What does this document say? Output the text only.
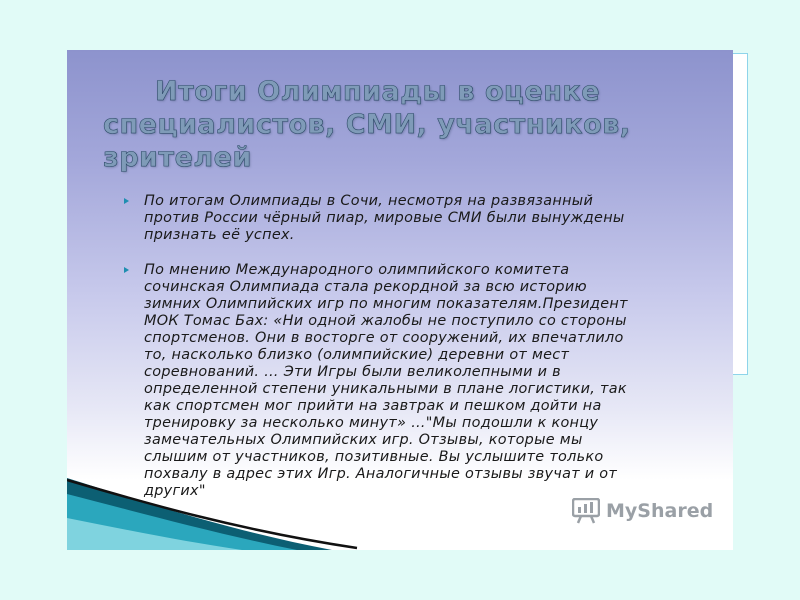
Итоги Олимпиады в оценке
специалистов, СМИ, участников,
зрителей
По итогам Олимпиады в Сочи, несмотря на развязанный
против России чёрный пиар, мировые СМИ были вынуждены
признать её успех.
По мнению Международного олимпийского комитета
сочинская Олимпиада стала рекордной за всю историю
зимних Олимпийских игр по многим показателям.Президент
МОК Томас Бах: «Ни одной жалобы не поступило со стороны
спортсменов. Они в восторге от сооружений, их впечатлило
то, насколько близко (олимпийские) деревни от мест
соревнований. … Эти Игры были великолепными и в
определенной степени уникальными в плане логистики, так
как спортсмен мог прийти на завтрак и пешком дойти на
тренировку за несколько минут» …"Мы подошли к концу
замечательных Олимпийских игр. Отзывы, которые мы
слышим от участников, позитивные. Вы услышите только
похвалу в адрес этих Игр. Аналогичные отзывы звучат и от
других"
MyShared
